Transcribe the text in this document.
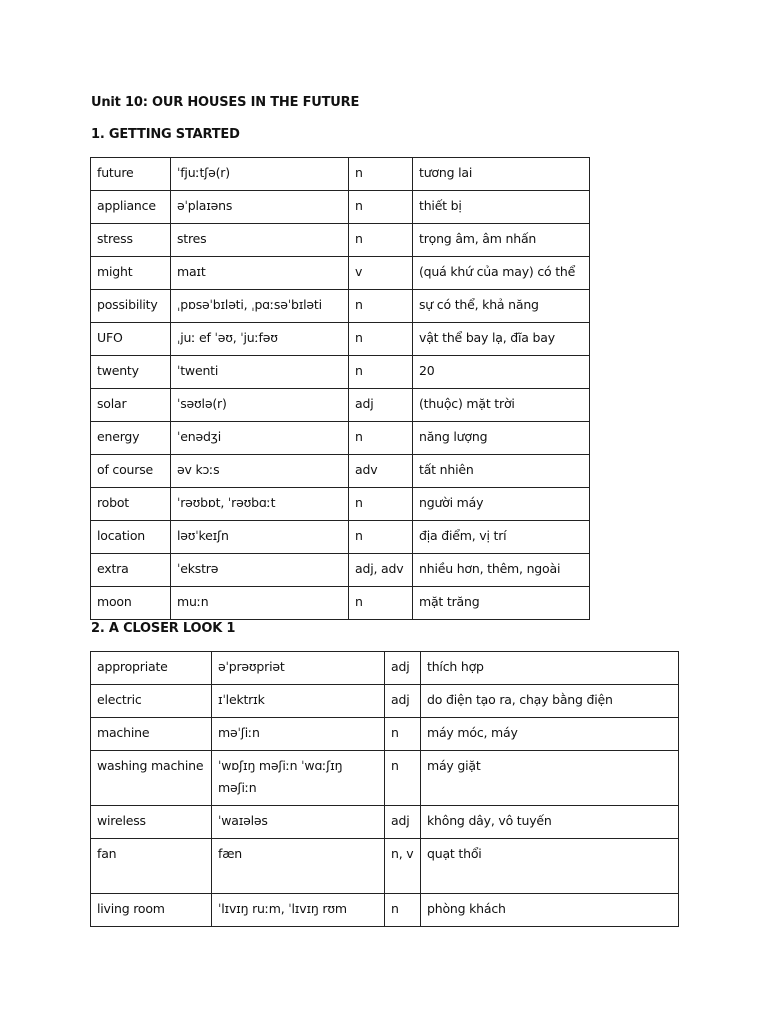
Unit 10: OUR HOUSES IN THE FUTURE
1. GETTING STARTED
future	ˈfjuːtʃə(r)	n	tương lai
appliance	əˈplaɪəns	n	thiết bị
stress	stres	n	trọng âm, âm nhấn
might	maɪt	v	(quá khứ của may) có thể
possibility	ˌpɒsəˈbɪləti, ˌpɑːsəˈbɪləti	n	sự có thể, khả năng
UFO	ˌjuː ef ˈəʊ, ˈjuːfəʊ	n	vật thể bay lạ, đĩa bay
twenty	ˈtwenti	n	20
solar	ˈsəʊlə(r)	adj	(thuộc) mặt trời
energy	ˈenədʒi	n	năng lượng
of course	əv kɔːs	adv	tất nhiên
robot	ˈrəʊbɒt, ˈrəʊbɑːt	n	người máy
location	ləʊˈkeɪʃn	n	địa điểm, vị trí
extra	ˈekstrə	adj, adv	nhiều hơn, thêm, ngoài
moon	muːn	n	mặt trăng
2. A CLOSER LOOK 1
appropriate	əˈprəʊpriət	adj	thích hợp
electric	ɪˈlektrɪk	adj	do điện tạo ra, chạy bằng điện
machine	məˈʃiːn	n	máy móc, máy
washing machine	ˈwɒʃɪŋ məʃiːn ˈwɑːʃɪŋ məʃiːn	n	máy giặt
wireless	ˈwaɪələs	adj	không dây, vô tuyến
fan	fæn	n, v	quạt thổi
living room	ˈlɪvɪŋ ruːm, ˈlɪvɪŋ rʊm	n	phòng khách
